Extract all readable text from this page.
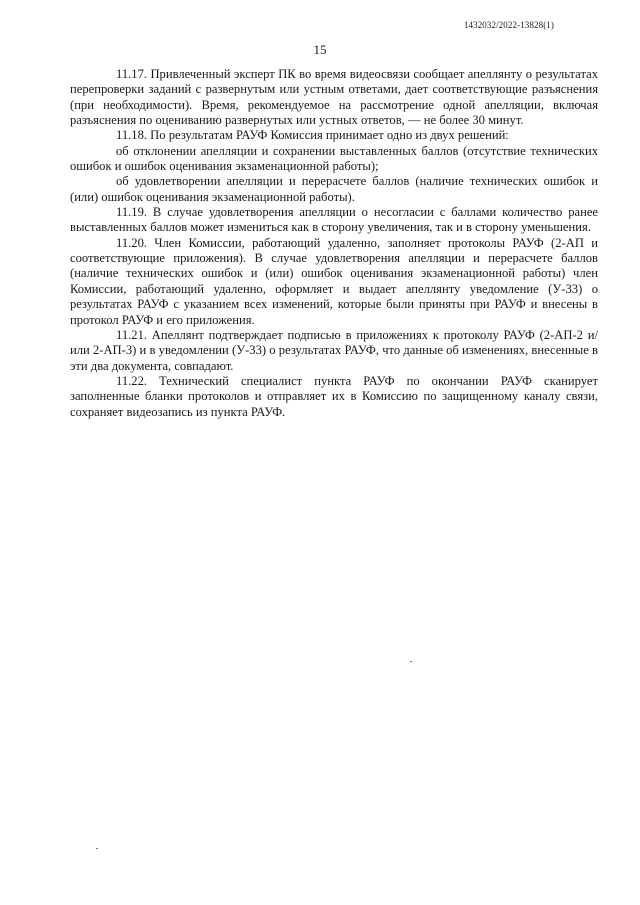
1432032/2022-13828(1)
15

11.17. Привлеченный эксперт ПК во время видеосвязи сообщает апеллянту о результатах перепроверки заданий с развернутым или устным ответами, дает соответствующие разъяснения (при необходимости). Время, рекомендуемое на рассмотрение одной апелляции, включая разъяснения по оцениванию развернутых или устных ответов, — не более 30 минут.

11.18. По результатам РАУФ Комиссия принимает одно из двух решений:

об отклонении апелляции и сохранении выставленных баллов (отсутствие технических ошибок и ошибок оценивания экзаменационной работы);

об удовлетворении апелляции и перерасчете баллов (наличие технических ошибок и (или) ошибок оценивания экзаменационной работы).

11.19. В случае удовлетворения апелляции о несогласии с баллами количество ранее выставленных баллов может измениться как в сторону увеличения, так и в сторону уменьшения.

11.20. Член Комиссии, работающий удаленно, заполняет протоколы РАУФ (2-АП и соответствующие приложения). В случае удовлетворения апелляции и перерасчете баллов (наличие технических ошибок и (или) ошибок оценивания экзаменационной работы) член Комиссии, работающий удаленно, оформляет и выдает апеллянту уведомление (У-33) о результатах РАУФ с указанием всех изменений, которые были приняты при РАУФ и внесены в протокол РАУФ и его приложения.

11.21. Апеллянт подтверждает подписью в приложениях к протоколу РАУФ (2-АП-2 и/или 2-АП-3) и в уведомлении (У-33) о результатах РАУФ, что данные об изменениях, внесенные в эти два документа, совпадают.

11.22. Технический специалист пункта РАУФ по окончании РАУФ сканирует заполненные бланки протоколов и отправляет их в Комиссию по защищенному каналу связи, сохраняет видеозапись из пункта РАУФ.
